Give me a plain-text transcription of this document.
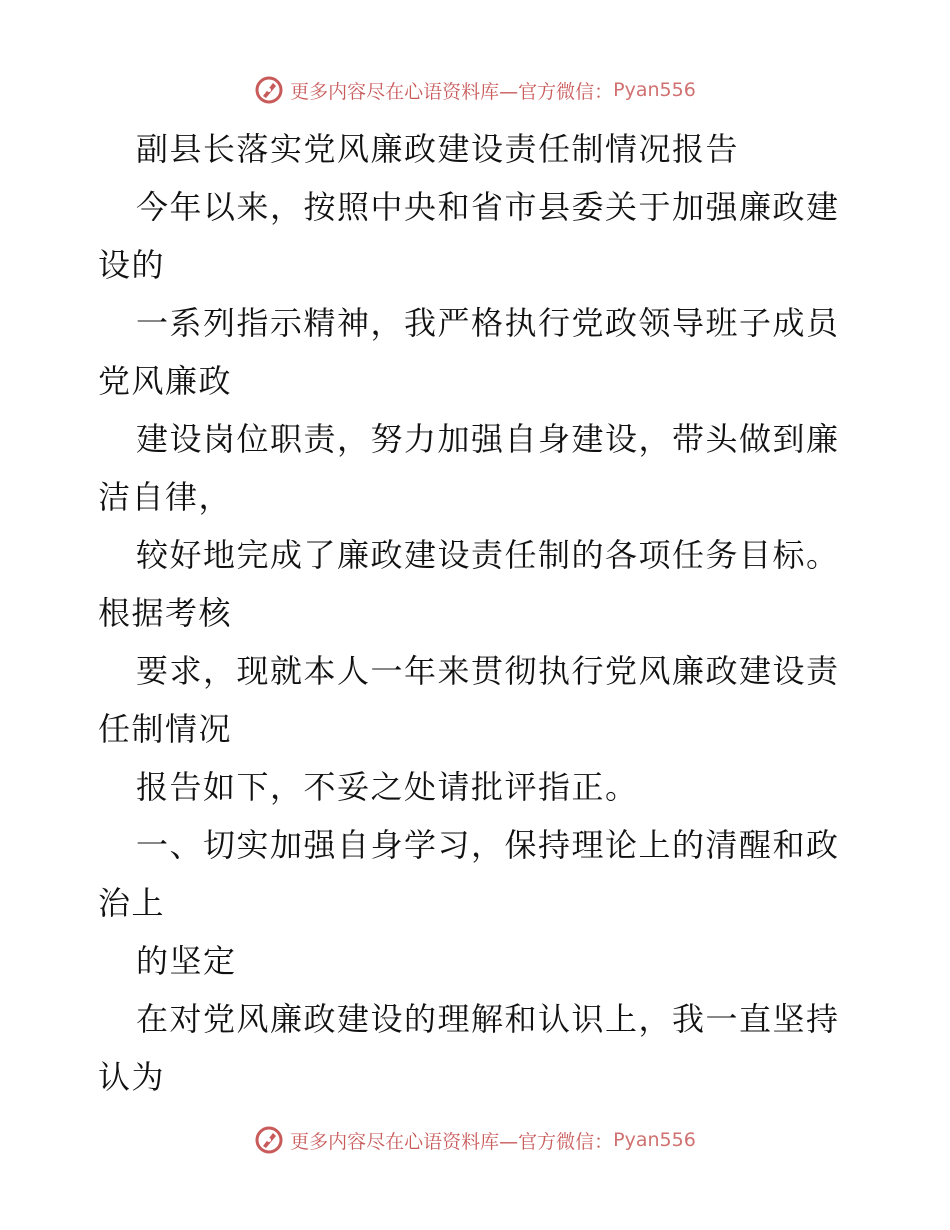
更多内容尽在心语资料库—官方微信： Pyan556
副县长落实党风廉政建设责任制情况报告
今年以来，按照中央和省市县委关于加强廉政建
设的
一系列指示精神，我严格执行党政领导班子成员
党风廉政
建设岗位职责，努力加强自身建设，带头做到廉
洁自律，
较好地完成了廉政建设责任制的各项任务目标。
根据考核
要求，现就本人一年来贯彻执行党风廉政建设责
任制情况
报告如下，不妥之处请批评指正。
一、切实加强自身学习，保持理论上的清醒和政
治上
的坚定
在对党风廉政建设的理解和认识上，我一直坚持
认为
更多内容尽在心语资料库—官方微信： Pyan556
